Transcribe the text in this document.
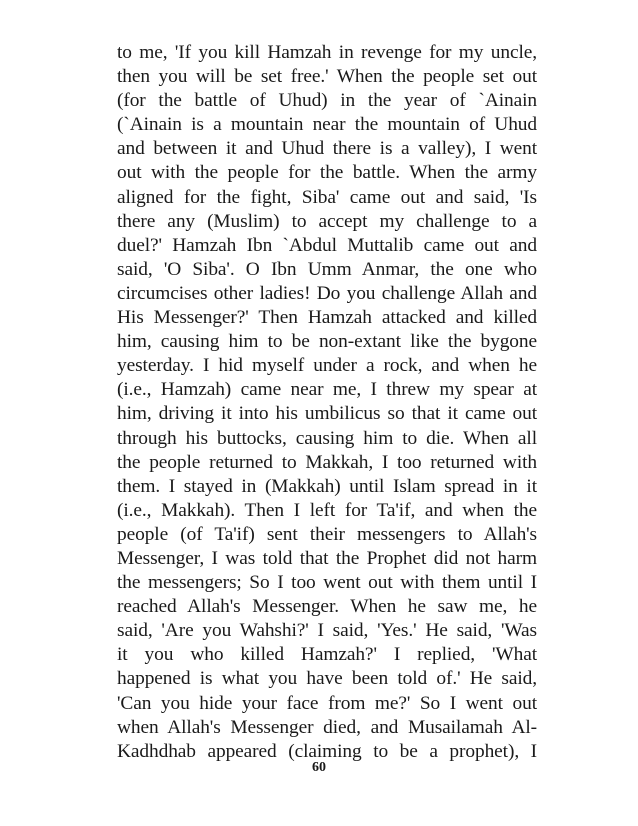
to me, 'If you kill Hamzah in revenge for my uncle,
then you will be set free.' When the people set out
(for the battle of Uhud) in the year of `Ainain
(`Ainain is a mountain near the mountain of Uhud
and between it and Uhud there is a valley), I went
out with the people for the battle. When the army
aligned for the fight, Siba' came out and said, 'Is
there any (Muslim) to accept my challenge to a
duel?' Hamzah Ibn `Abdul Muttalib came out and
said, 'O Siba'. O Ibn Umm Anmar, the one who
circumcises other ladies! Do you challenge Allah and
His Messenger?' Then Hamzah attacked and killed
him, causing him to be non-extant like the bygone
yesterday. I hid myself under a rock, and when he
(i.e., Hamzah) came near me, I threw my spear at
him, driving it into his umbilicus so that it came out
through his buttocks, causing him to die. When all
the people returned to Makkah, I too returned with
them. I stayed in (Makkah) until Islam spread in it
(i.e., Makkah). Then I left for Ta'if, and when the
people (of Ta'if) sent their messengers to Allah's
Messenger, I was told that the Prophet did not harm
the messengers; So I too went out with them until I
reached Allah's Messenger. When he saw me, he
said, 'Are you Wahshi?' I said, 'Yes.' He said, 'Was
it you who killed Hamzah?' I replied, 'What
happened is what you have been told of.' He said,
'Can you hide your face from me?' So I went out
when Allah's Messenger died, and Musailamah Al-
Kadhdhab appeared (claiming to be a prophet), I
60
